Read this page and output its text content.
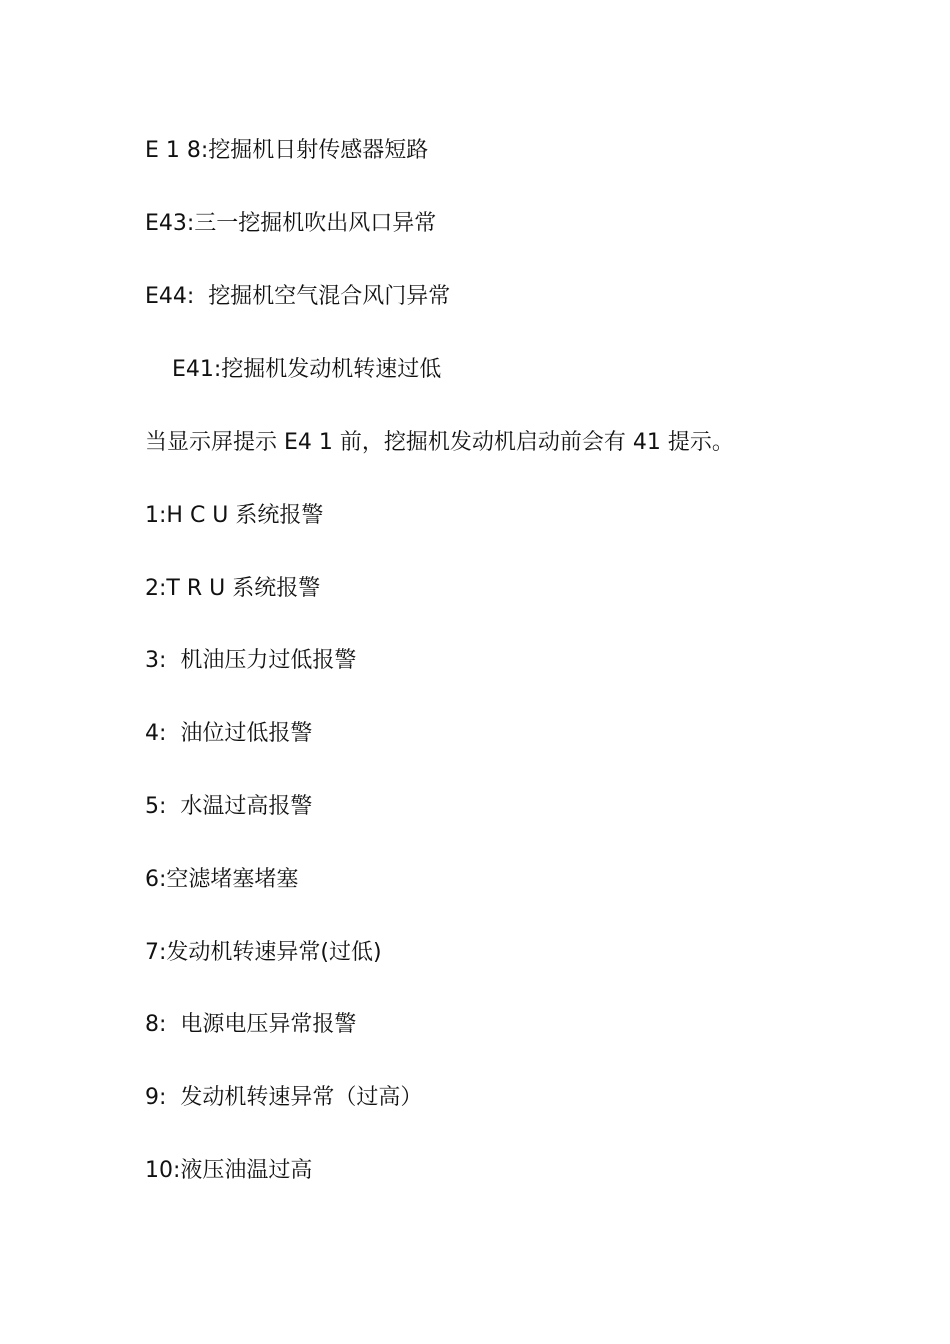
E 1 8:挖掘机日射传感器短路

E43:三一挖掘机吹出风口异常

E44:  挖掘机空气混合风门异常

E41:挖掘机发动机转速过低

当显示屏提示 E4 1 前，挖掘机发动机启动前会有 41 提示。

1:H C U 系统报警

2:T R U 系统报警

3:  机油压力过低报警

4:  油位过低报警

5:  水温过高报警

6:空滤堵塞堵塞

7:发动机转速异常(过低)

8:  电源电压异常报警

9:  发动机转速异常（过高）

10:液压油温过高
